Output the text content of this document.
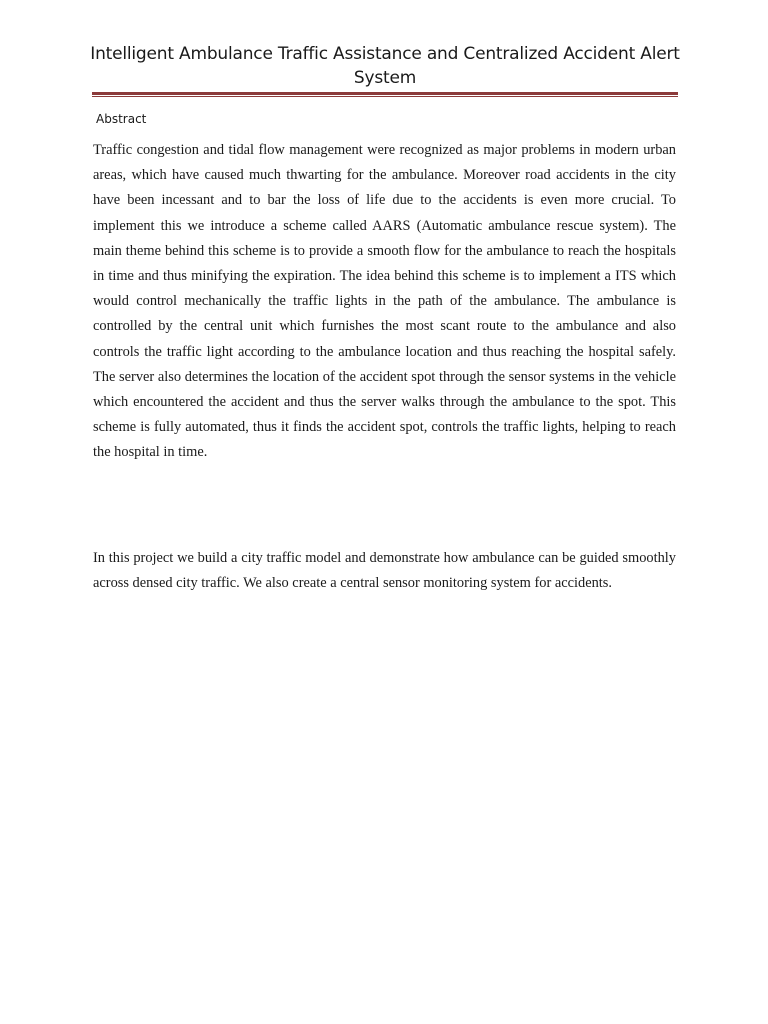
Intelligent Ambulance Traffic Assistance and Centralized Accident Alert System
Abstract

Traffic congestion and tidal flow management were recognized as major problems in modern urban areas, which have caused much thwarting for the ambulance. Moreover road accidents in the city have been incessant and to bar the loss of life due to the accidents is even more crucial. To implement this we introduce a scheme called AARS (Automatic ambulance rescue system). The main theme behind this scheme is to provide a smooth flow for the ambulance to reach the hospitals in time and thus minifying the expiration. The idea behind this scheme is to implement a ITS which would control mechanically the traffic lights in the path of the ambulance. The ambulance is controlled by the central unit which furnishes the most scant route to the ambulance and also controls the traffic light according to the ambulance location and thus reaching the hospital safely. The server also determines the location of the accident spot through the sensor systems in the vehicle which encountered the accident and thus the server walks through the ambulance to the spot. This scheme is fully automated, thus it finds the accident spot, controls the traffic lights, helping to reach the hospital in time.

In this project we build a city traffic model and demonstrate how ambulance can be guided smoothly across densed city traffic. We also create a central sensor monitoring system for accidents.
